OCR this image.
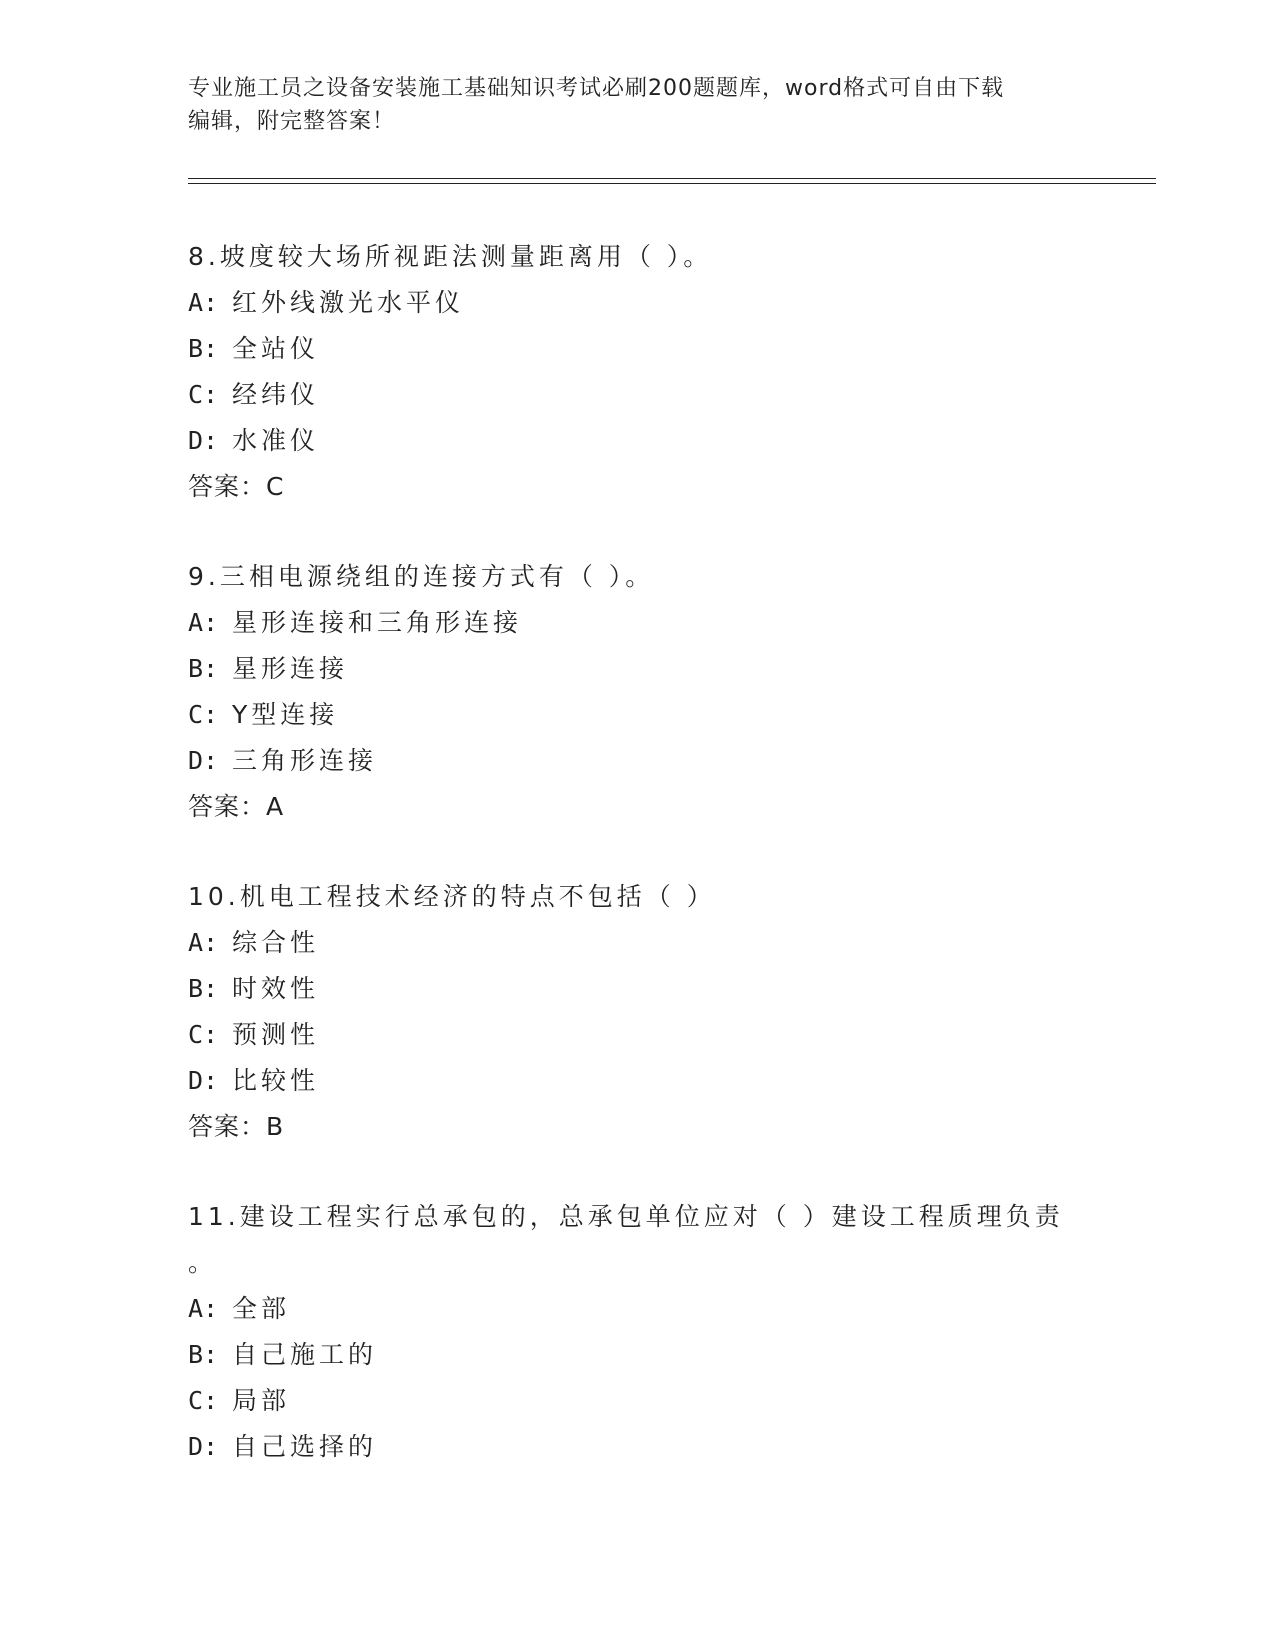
专业施工员之设备安装施工基础知识考试必刷200题题库，word格式可自由下载
编辑，附完整答案！
8.坡度较大场所视距法测量距离用（ ）。
A: 红外线激光水平仪
B: 全站仪
C: 经纬仪
D: 水准仪
答案：C
9.三相电源绕组的连接方式有（ ）。
A: 星形连接和三角形连接
B: 星形连接
C: Y型连接
D: 三角形连接
答案：A
10.机电工程技术经济的特点不包括（ ）
A: 综合性
B: 时效性
C: 预测性
D: 比较性
答案：B
11.建设工程实行总承包的，总承包单位应对（ ）建设工程质理负责
。
A: 全部
B: 自己施工的
C: 局部
D: 自己选择的
